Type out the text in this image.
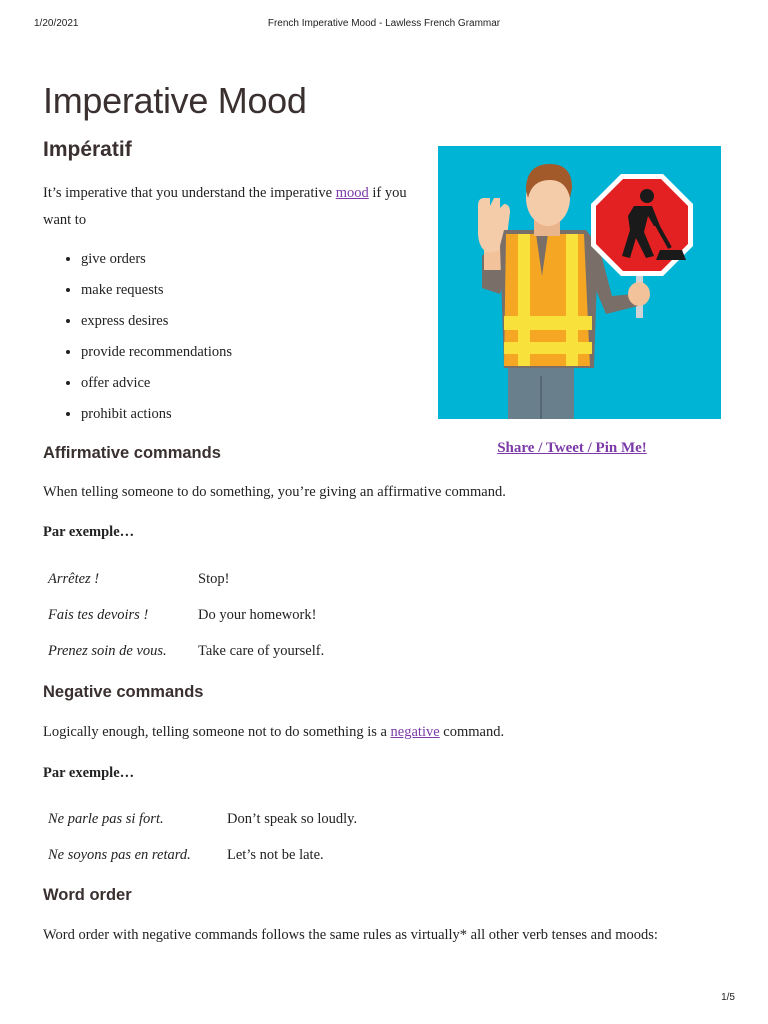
1/20/2021	French Imperative Mood - Lawless French Grammar
Imperative Mood
Impératif

It’s imperative that you understand the imperative mood if you want to

• give orders
• make requests
• express desires
• provide recommendations
• offer advice
• prohibit actions
Share / Tweet / Pin Me!
Affirmative commands

When telling someone to do something, you’re giving an affirmative command.

Par exemple…

Arrêtez !	Stop!
Fais tes devoirs !	Do your homework!
Prenez soin de vous.	Take care of yourself.
Negative commands

Logically enough, telling someone not to do something is a negative command.

Par exemple…

Ne parle pas si fort.	Don’t speak so loudly.
Ne soyons pas en retard.	Let’s not be late.
Word order

Word order with negative commands follows the same rules as virtually* all other verb tenses and moods:

1/5
